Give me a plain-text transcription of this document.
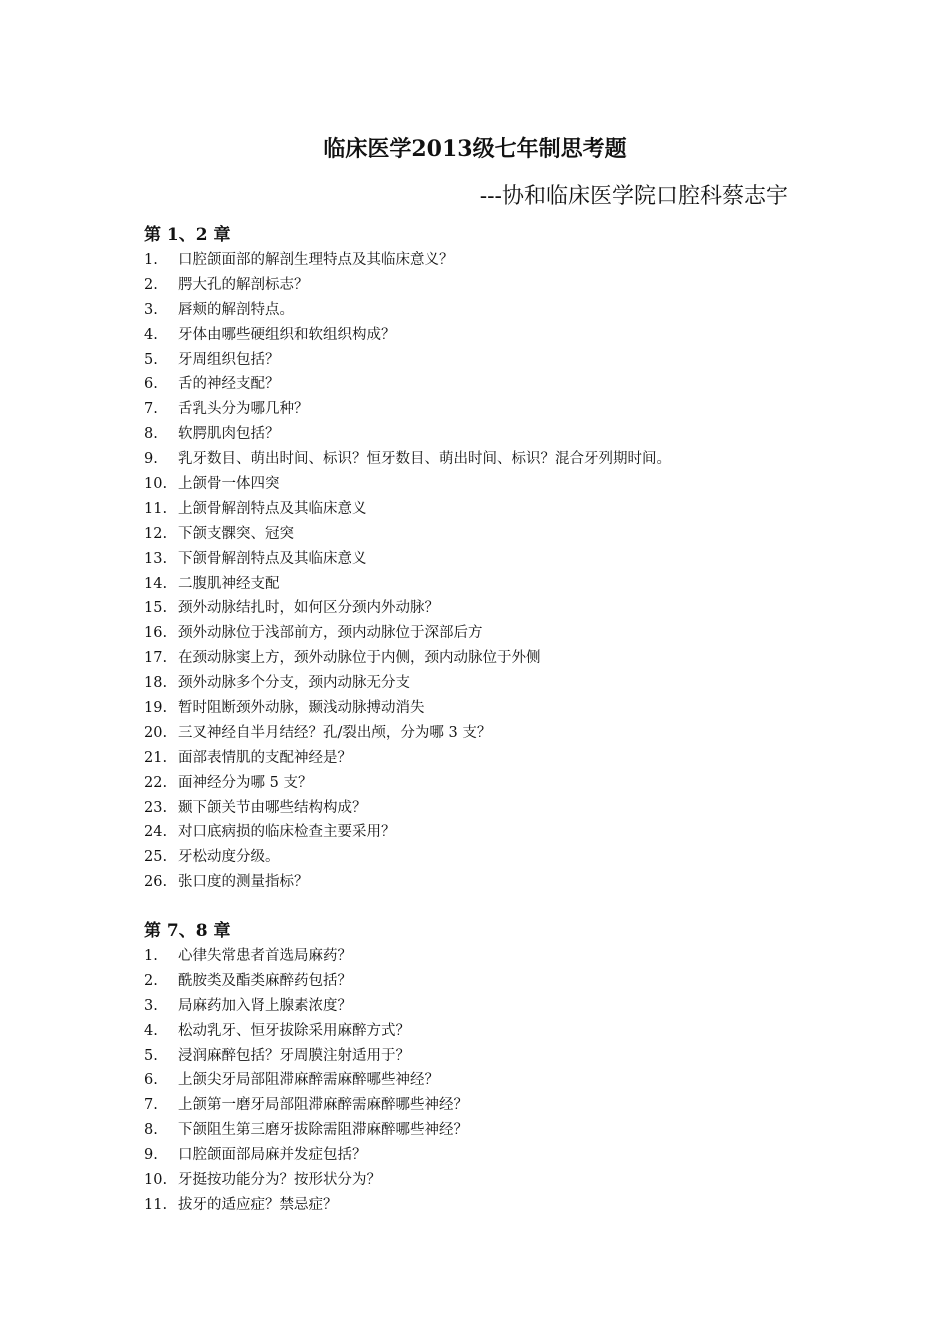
临床医学2013级七年制思考题
---协和临床医学院口腔科蔡志宇
第 1、2 章
1.	口腔颌面部的解剖生理特点及其临床意义？
2.	腭大孔的解剖标志？
3.	唇颊的解剖特点。
4.	牙体由哪些硬组织和软组织构成？
5.	牙周组织包括？
6.	舌的神经支配？
7.	舌乳头分为哪几种？
8.	软腭肌肉包括？
9.	乳牙数目、萌出时间、标识？恒牙数目、萌出时间、标识？混合牙列期时间。
10. 上颌骨一体四突
11. 上颌骨解剖特点及其临床意义
12. 下颌支髁突、冠突
13. 下颌骨解剖特点及其临床意义
14. 二腹肌神经支配
15. 颈外动脉结扎时，如何区分颈内外动脉？
16. 颈外动脉位于浅部前方，颈内动脉位于深部后方
17. 在颈动脉窦上方，颈外动脉位于内侧，颈内动脉位于外侧
18. 颈外动脉多个分支，颈内动脉无分支
19. 暂时阻断颈外动脉，颞浅动脉搏动消失
20. 三叉神经自半月结经？孔/裂出颅，分为哪 3 支？
21. 面部表情肌的支配神经是？
22. 面神经分为哪 5 支？
23. 颞下颌关节由哪些结构构成？
24. 对口底病损的临床检查主要采用？
25. 牙松动度分级。
26. 张口度的测量指标？
第 7、8 章
1.	心律失常患者首选局麻药？
2.	酰胺类及酯类麻醉药包括？
3.	局麻药加入肾上腺素浓度？
4.	松动乳牙、恒牙拔除采用麻醉方式？
5.	浸润麻醉包括？牙周膜注射适用于？
6.	上颌尖牙局部阻滞麻醉需麻醉哪些神经？
7.	上颌第一磨牙局部阻滞麻醉需麻醉哪些神经？
8.	下颌阻生第三磨牙拔除需阻滞麻醉哪些神经？
9.	口腔颌面部局麻并发症包括？
10. 牙挺按功能分为？按形状分为？
11. 拔牙的适应症？禁忌症？
